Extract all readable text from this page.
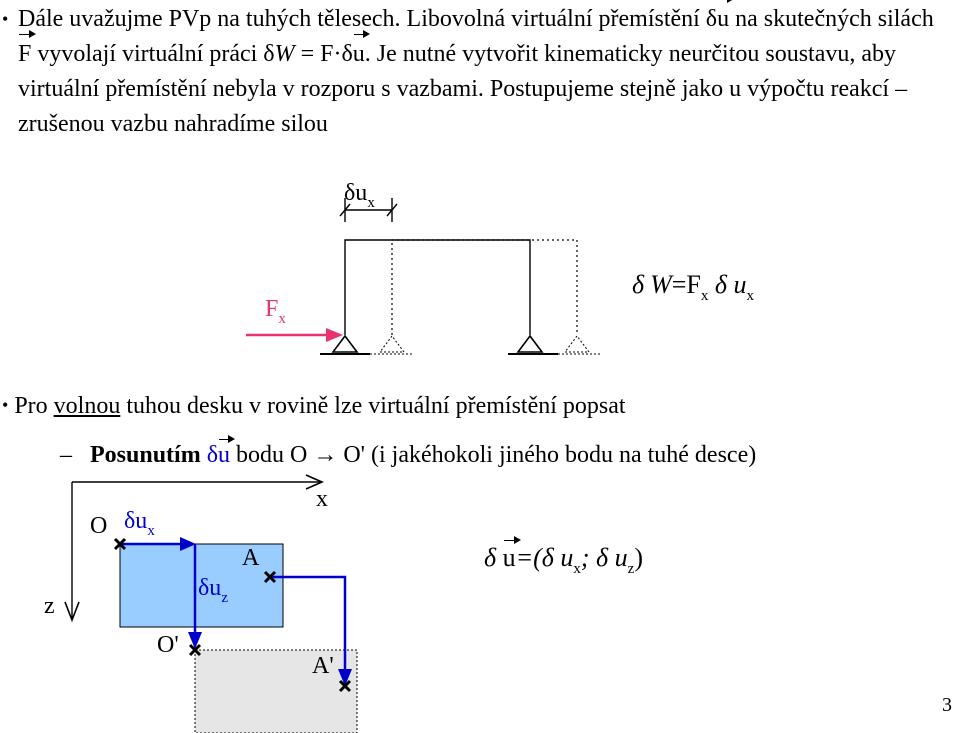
• Dále uvažujme PVp na tuhých tělesech. Libovolná virtuální přemístění δu na skutečných silách F vyvolají virtuální práci δW = F·δu. Je nutné vytvořit kinematicky neurčitou soustavu, aby virtuální přemístění nebyla v rozporu s vazbami. Postupujeme stejně jako u výpočtu reakcí – zrušenou vazbu nahradíme silou
$\delta u_x$
$F_x$
δ $W=F_x$ δ $u_x$
• Pro volnou tuhou desku v rovině lze virtuální přemístění popsat
– Posunutím δu bodu O → O' (i jakéhokoli jiného bodu na tuhé desce)
x
z
O
O'
A
A'
$\delta u_x$
$\delta u_z$
δ u=(δ $u_x$; δ $u_z$)
3
